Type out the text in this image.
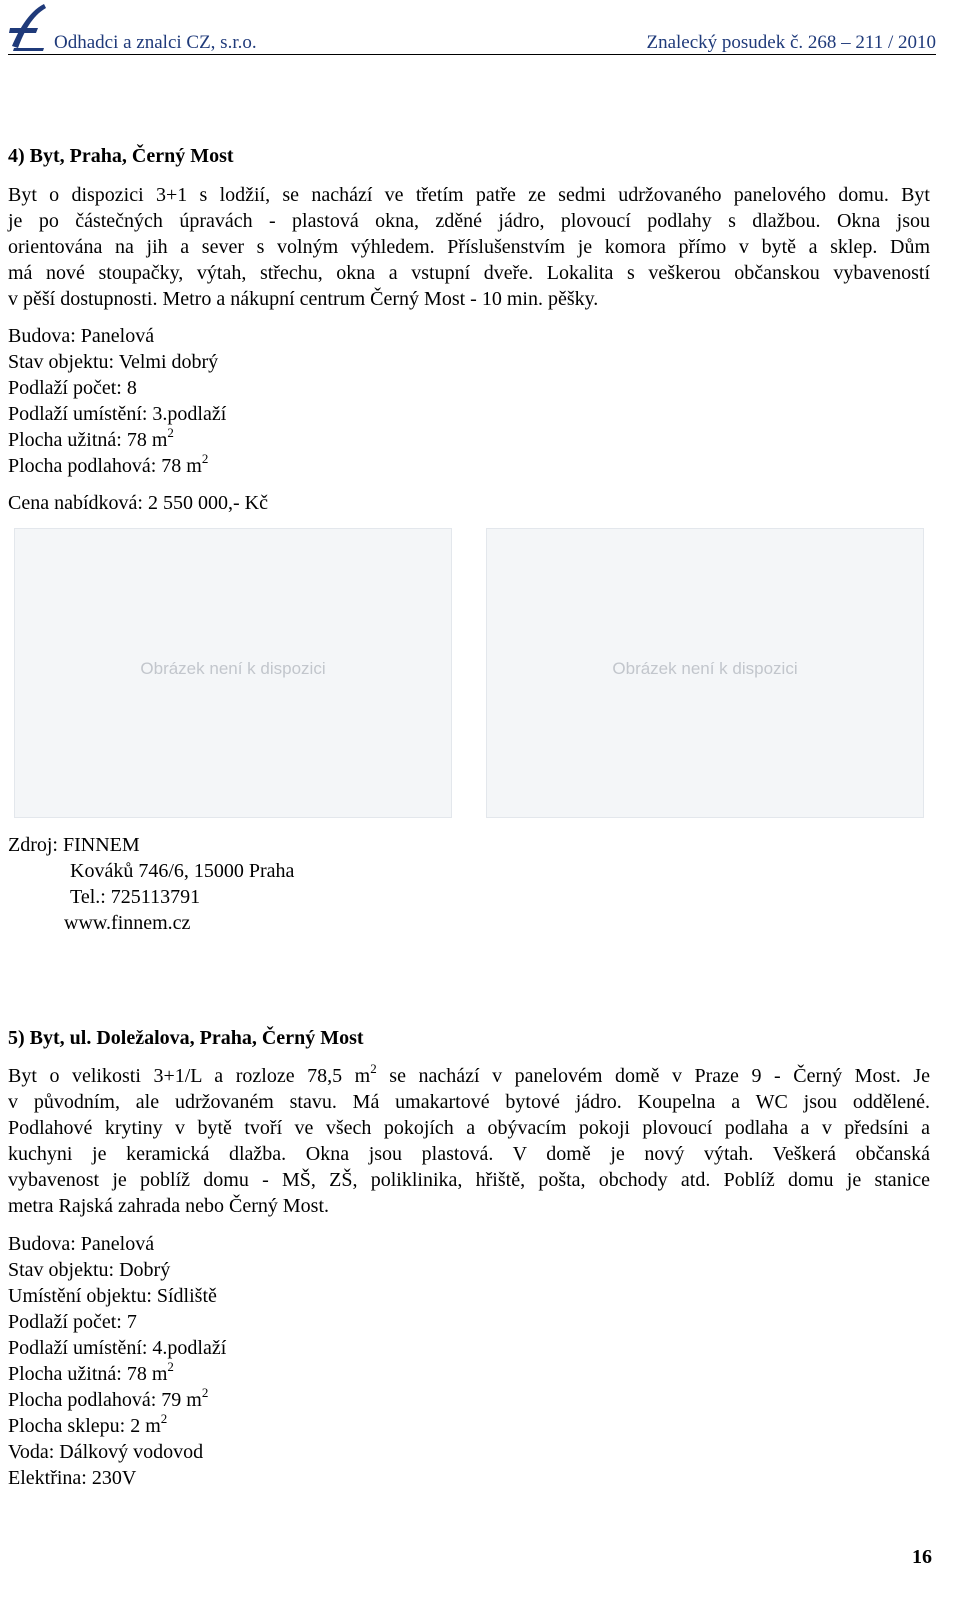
Odhadci a znalci CZ, s.r.o.	Znalecký posudek č. 268 – 211 / 2010
4) Byt, Praha, Černý Most
Byt o dispozici 3+1 s lodžií, se nachází ve třetím patře ze sedmi udržovaného panelového domu. Byt
je po částečných úpravách - plastová okna, zděné jádro, plovoucí podlahy s dlažbou. Okna jsou
orientována na jih a sever s volným výhledem. Příslušenstvím je komora přímo v bytě a sklep. Dům
má nové stoupačky, výtah, střechu, okna a vstupní dveře. Lokalita s veškerou občanskou vybaveností
v pěší dostupnosti. Metro a nákupní centrum Černý Most - 10 min. pěšky.
Budova: Panelová
Stav objektu: Velmi dobrý
Podlaží počet: 8
Podlaží umístění: 3.podlaží
Plocha užitná: 78 $m^2$
Plocha podlahová: 78 $m^2$
Cena nabídková: 2 550 000,- Kč
Obrázek není k dispozici	Obrázek není k dispozici
Zdroj: FINNEM
Kováků 746/6, 15000 Praha
Tel.: 725113791
www.finnem.cz
5) Byt, ul. Doležalova, Praha, Černý Most
Byt o velikosti 3+1/L a rozloze 78,5 $m^2$ se nachází v panelovém domě v Praze 9 - Černý Most. Je
v původním, ale udržovaném stavu. Má umakartové bytové jádro. Koupelna a WC jsou oddělené.
Podlahové krytiny v bytě tvoří ve všech pokojích a obývacím pokoji plovoucí podlaha a v předsíni a
kuchyni je keramická dlažba. Okna jsou plastová. V domě je nový výtah. Veškerá občanská
vybavenost je poblíž domu - MŠ, ZŠ, poliklinika, hřiště, pošta, obchody atd. Poblíž domu je stanice
metra Rajská zahrada nebo Černý Most.
Budova: Panelová
Stav objektu: Dobrý
Umístění objektu: Sídliště
Podlaží počet: 7
Podlaží umístění: 4.podlaží
Plocha užitná: 78 $m^2$
Plocha podlahová: 79 $m^2$
Plocha sklepu: 2 $m^2$
Voda: Dálkový vodovod
Elektřina: 230V
16
